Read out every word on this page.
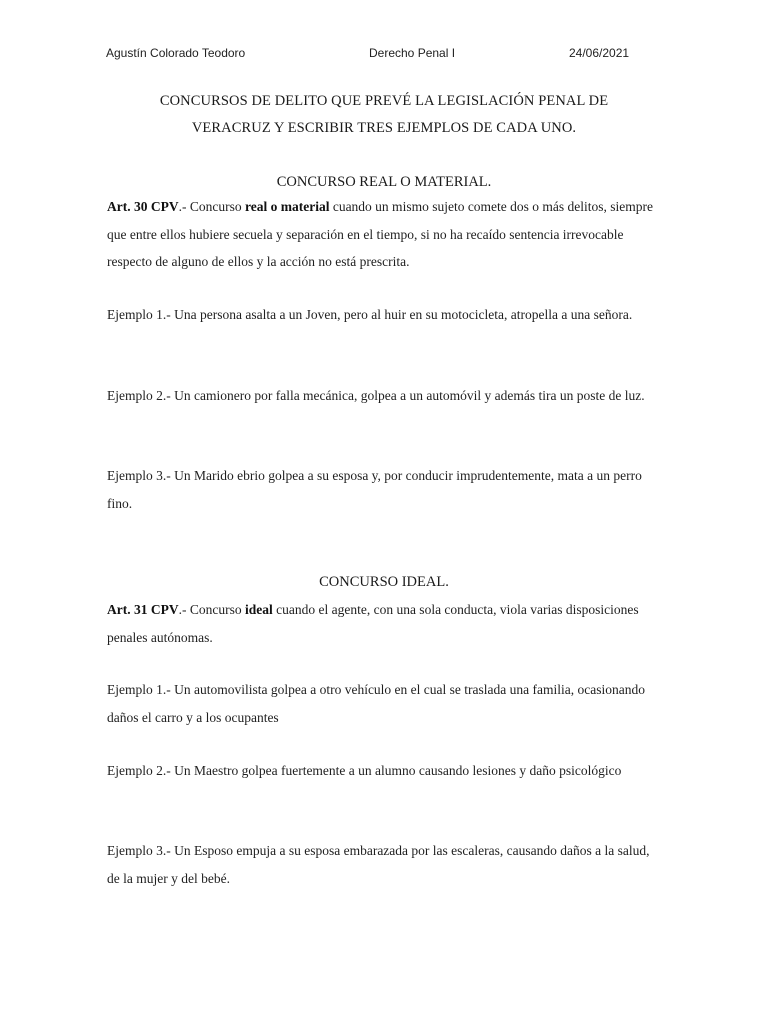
Agustín Colorado Teodoro	Derecho Penal I	24/06/2021
CONCURSOS DE DELITO QUE PREVÉ LA LEGISLACIÓN PENAL DE
VERACRUZ Y ESCRIBIR TRES EJEMPLOS DE CADA UNO.
CONCURSO REAL O MATERIAL.
Art. 30 CPV.- Concurso real o material cuando un mismo sujeto comete dos o más delitos, siempre que entre ellos hubiere secuela y separación en el tiempo, si no ha recaído sentencia irrevocable respecto de alguno de ellos y la acción no está prescrita.
Ejemplo 1.- Una persona asalta a un Joven, pero al huir en su motocicleta, atropella a una señora.
Ejemplo 2.- Un camionero por falla mecánica, golpea a un automóvil y además tira un poste de luz.
Ejemplo 3.- Un Marido ebrio golpea a su esposa y, por conducir imprudentemente, mata a un perro fino.
CONCURSO IDEAL.
Art. 31 CPV.- Concurso ideal cuando el agente, con una sola conducta, viola varias disposiciones penales autónomas.
Ejemplo 1.- Un automovilista golpea a otro vehículo en el cual se traslada una familia, ocasionando daños el carro y a los ocupantes
Ejemplo 2.- Un Maestro golpea fuertemente a un alumno causando lesiones y daño psicológico
Ejemplo 3.- Un Esposo empuja a su esposa embarazada por las escaleras, causando daños a la salud, de la mujer y del bebé.
